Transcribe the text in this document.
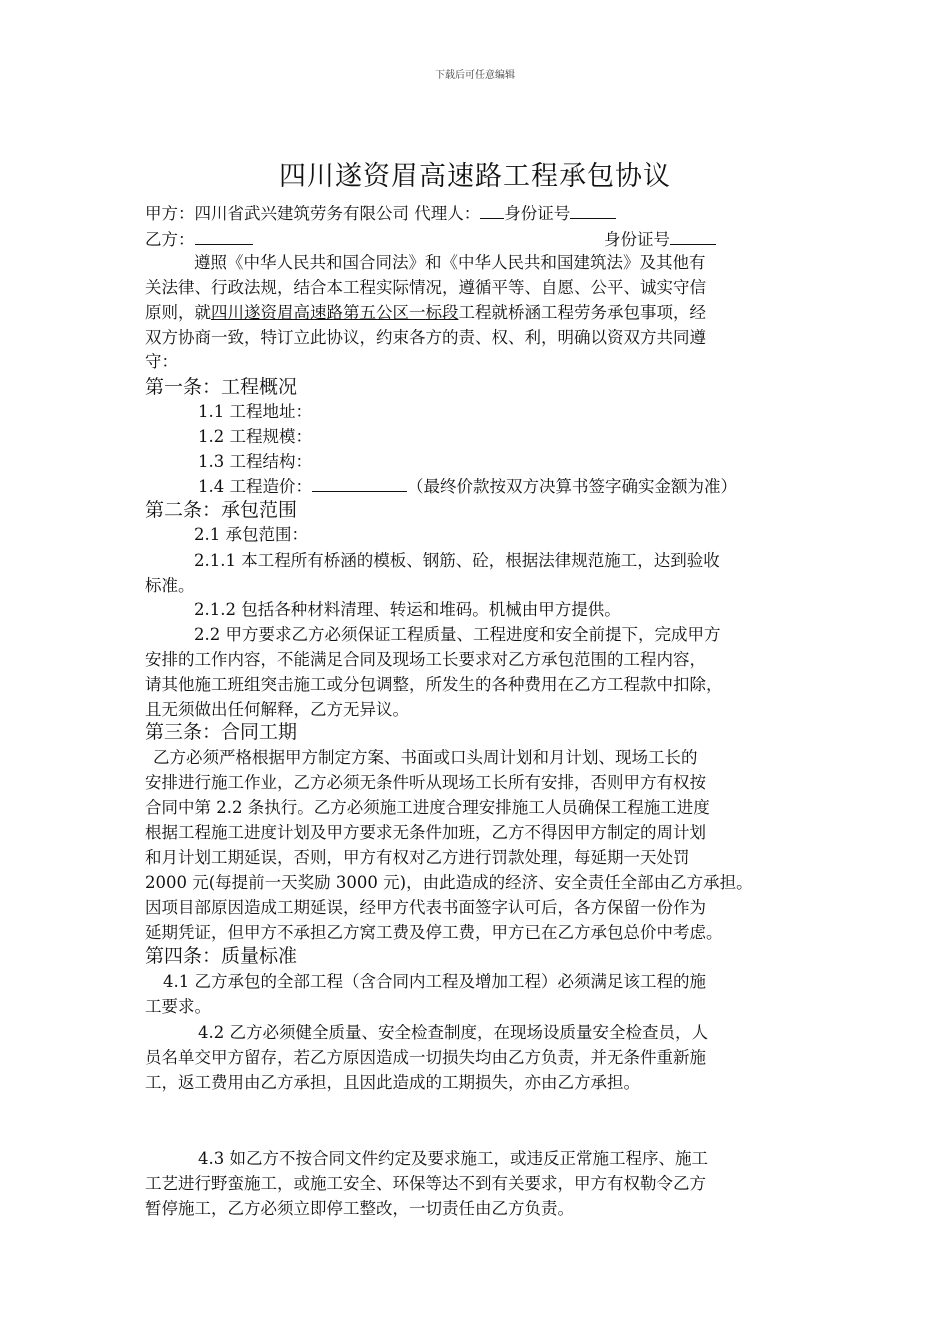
下载后可任意编辑
四川遂资眉高速路工程承包协议
甲方：四川省武兴建筑劳务有限公司 代理人： 身份证号
乙方：	身份证号
遵照《中华人民共和国合同法》和《中华人民共和国建筑法》及其他有
关法律、行政法规，结合本工程实际情况，遵循平等、自愿、公平、诚实守信
原则，就四川遂资眉高速路第五公区一标段工程就桥涵工程劳务承包事项，经
双方协商一致，特订立此协议，约束各方的责、权、利，明确以资双方共同遵
守：
第一条：工程概况
1.1 工程地址：
1.2 工程规模：
1.3 工程结构：
1.4 工程造价：	（最终价款按双方决算书签字确实金额为准）
第二条：承包范围
2.1 承包范围：
2.1.1 本工程所有桥涵的模板、钢筋、砼，根据法律规范施工，达到验收
标准。
2.1.2 包括各种材料清理、转运和堆码。机械由甲方提供。
2.2 甲方要求乙方必须保证工程质量、工程进度和安全前提下，完成甲方
安排的工作内容，不能满足合同及现场工长要求对乙方承包范围的工程内容，
请其他施工班组突击施工或分包调整，所发生的各种费用在乙方工程款中扣除，
且无须做出任何解释，乙方无异议。
第三条：合同工期
乙方必须严格根据甲方制定方案、书面或口头周计划和月计划、现场工长的
安排进行施工作业，乙方必须无条件听从现场工长所有安排，否则甲方有权按
合同中第 2.2 条执行。乙方必须施工进度合理安排施工人员确保工程施工进度
根据工程施工进度计划及甲方要求无条件加班，乙方不得因甲方制定的周计划
和月计划工期延误，否则，甲方有权对乙方进行罚款处理，每延期一天处罚
2000 元(每提前一天奖励 3000 元)，由此造成的经济、安全责任全部由乙方承担。
因项目部原因造成工期延误，经甲方代表书面签字认可后，各方保留一份作为
延期凭证，但甲方不承担乙方窝工费及停工费，甲方已在乙方承包总价中考虑。
第四条：质量标准
4.1 乙方承包的全部工程（含合同内工程及增加工程）必须满足该工程的施
工要求。
4.2 乙方必须健全质量、安全检查制度，在现场设质量安全检查员，人
员名单交甲方留存，若乙方原因造成一切损失均由乙方负责，并无条件重新施
工，返工费用由乙方承担，且因此造成的工期损失，亦由乙方承担。
4.3 如乙方不按合同文件约定及要求施工，或违反正常施工程序、施工
工艺进行野蛮施工，或施工安全、环保等达不到有关要求，甲方有权勒令乙方
暂停施工，乙方必须立即停工整改，一切责任由乙方负责。
